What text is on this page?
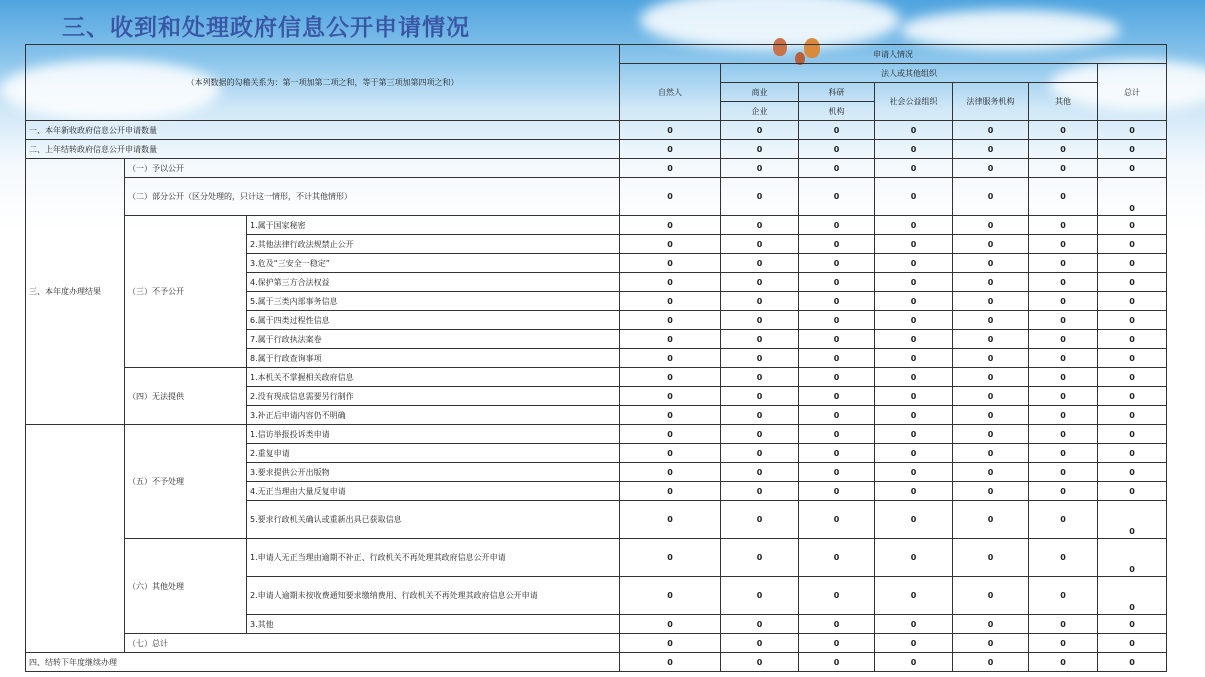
三、收到和处理政府信息公开申请情况
（本列数据的勾稽关系为：第一项加第二项之和，等于第三项加第四项之和）			申请人情况						
			自然人	法人或其他组织					总计
				商业	科研	社会公益组织	法律服务机构	其他	
				企业	机构				
一、本年新收政府信息公开申请数量			0	0	0	0	0	0	0
二、上年结转政府信息公开申请数量			0	0	0	0	0	0	0
三、本年度办理结果	（一）予以公开		0	0	0	0	0	0	0
	（二）部分公开（区分处理的，只计这一情形，不计其他情形）		0	0	0	0	0	0	0
	（三）不予公开	1.属于国家秘密	0	0	0	0	0	0	0
		2.其他法律行政法规禁止公开	0	0	0	0	0	0	0
		3.危及“三安全一稳定”	0	0	0	0	0	0	0
		4.保护第三方合法权益	0	0	0	0	0	0	0
		5.属于三类内部事务信息	0	0	0	0	0	0	0
		6.属于四类过程性信息	0	0	0	0	0	0	0
		7.属于行政执法案卷	0	0	0	0	0	0	0
		8.属于行政查询事项	0	0	0	0	0	0	0
	（四）无法提供	1.本机关不掌握相关政府信息	0	0	0	0	0	0	0
		2.没有现成信息需要另行制作	0	0	0	0	0	0	0
		3.补正后申请内容仍不明确	0	0	0	0	0	0	0
	（五）不予处理	1.信访举报投诉类申请	0	0	0	0	0	0	0
		2.重复申请	0	0	0	0	0	0	0
		3.要求提供公开出版物	0	0	0	0	0	0	0
		4.无正当理由大量反复申请	0	0	0	0	0	0	0
		5.要求行政机关确认或重新出具已获取信息	0	0	0	0	0	0	0
	（六）其他处理	1.申请人无正当理由逾期不补正、行政机关不再处理其政府信息公开申请	0	0	0	0	0	0	0
		2.申请人逾期未按收费通知要求缴纳费用、行政机关不再处理其政府信息公开申请	0	0	0	0	0	0	0
		3.其他	0	0	0	0	0	0	0
	（七）总计		0	0	0	0	0	0	0
四、结转下年度继续办理			0	0	0	0	0	0	0
